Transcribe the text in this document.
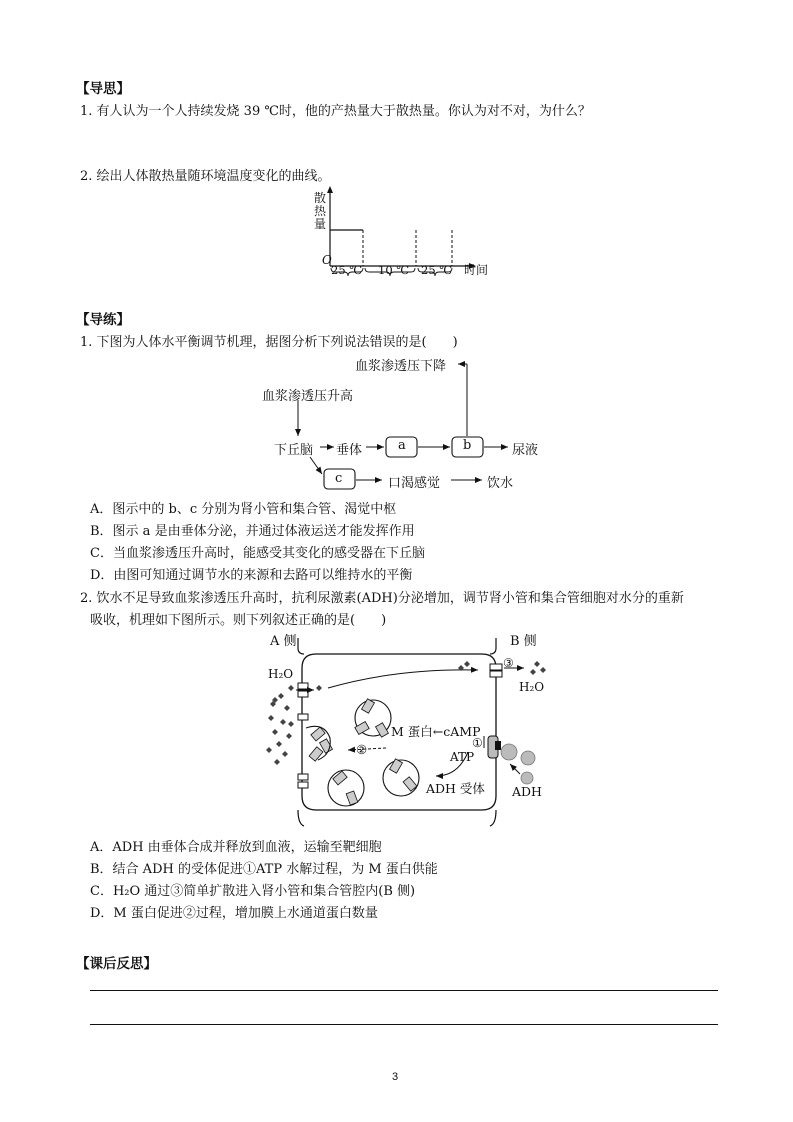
【导思】
1. 有人认为一个人持续发烧 39 ℃时，他的产热量大于散热量。你认为对不对，为什么？
2. 绘出人体散热量随环境温度变化的曲线。
O
散热量
25 ℃ 10 ℃ 25 ℃ 时间
【导练】
1. 下图为人体水平衡调节机理，据图分析下列说法错误的是(　　)
血浆渗透压下降
血浆渗透压升高
下丘脑 垂体	a	b	尿液
c	口渴感觉	饮水
A．图示中的 b、c 分别为肾小管和集合管、渴觉中枢
B．图示 a 是由垂体分泌，并通过体液运送才能发挥作用
C．当血浆渗透压升高时，能感受其变化的感受器在下丘脑
D．由图可知通过调节水的来源和去路可以维持水的平衡
2. 饮水不足导致血浆渗透压升高时，抗利尿激素(ADH)分泌增加，调节肾小管和集合管细胞对水分的重新
吸收，机理如下图所示。则下列叙述正确的是(　　)
A 侧	B 侧
H₂O
③
H₂O
M 蛋白←cAMP
②	①
ATP
ADH 受体 ADH
A．ADH 由垂体合成并释放到血液，运输至靶细胞
B．结合 ADH 的受体促进①ATP 水解过程，为 M 蛋白供能
C．H₂O 通过③简单扩散进入肾小管和集合管腔内(B 侧)
D．M 蛋白促进②过程，增加膜上水通道蛋白数量
【课后反思】
3
